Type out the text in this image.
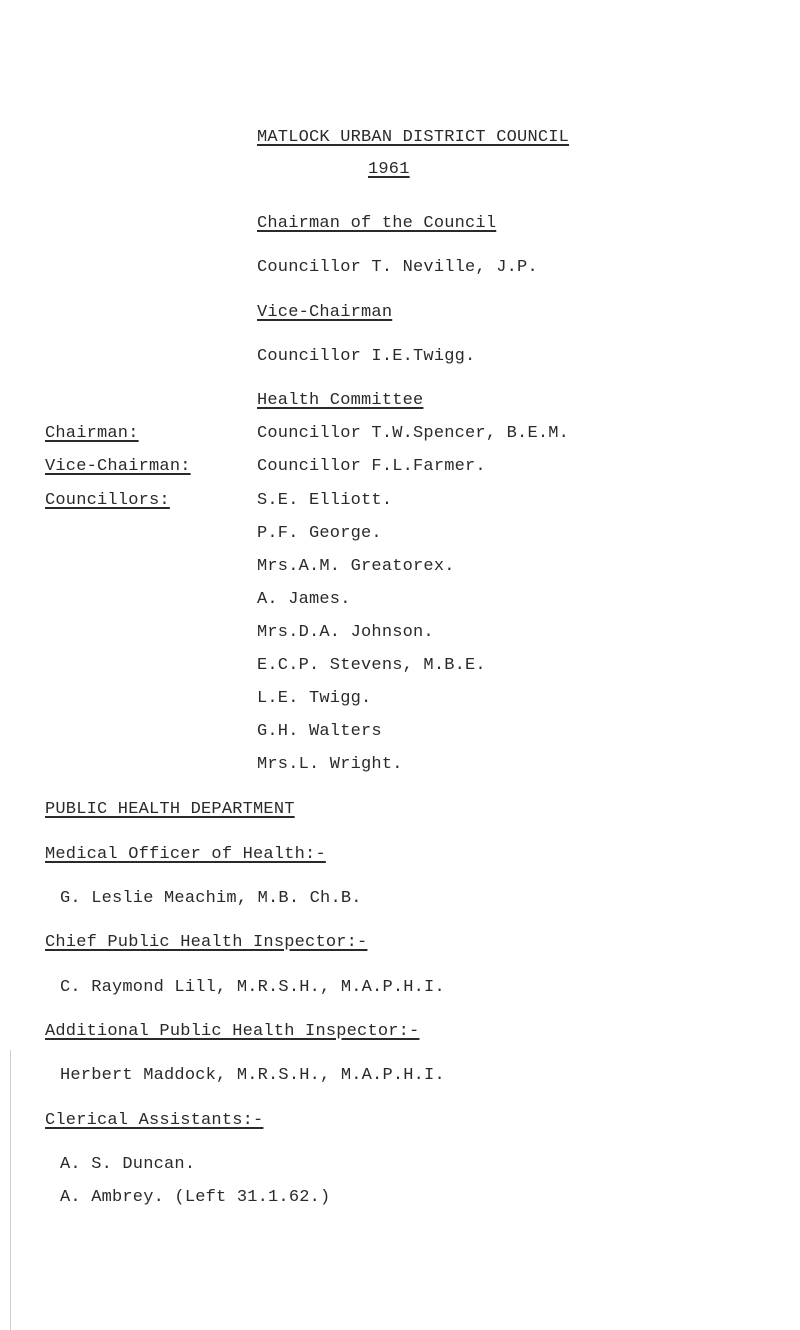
MATLOCK URBAN DISTRICT COUNCIL
1961
Chairman of the Council
Councillor T. Neville, J.P.
Vice-Chairman
Councillor I.E.Twigg.
Health Committee
Chairman:	Councillor T.W.Spencer, B.E.M.
Vice-Chairman:	Councillor F.L.Farmer.
Councillors:	S.E. Elliott.
P.F. George.
Mrs.A.M. Greatorex.
A. James.
Mrs.D.A. Johnson.
E.C.P. Stevens, M.B.E.
L.E. Twigg.
G.H. Walters
Mrs.L. Wright.
PUBLIC HEALTH DEPARTMENT
Medical Officer of Health:-
G. Leslie Meachim, M.B. Ch.B.
Chief Public Health Inspector:-
C. Raymond Lill, M.R.S.H., M.A.P.H.I.
Additional Public Health Inspector:-
Herbert Maddock, M.R.S.H., M.A.P.H.I.
Clerical Assistants:-
A. S. Duncan.
A. Ambrey. (Left 31.1.62.)
